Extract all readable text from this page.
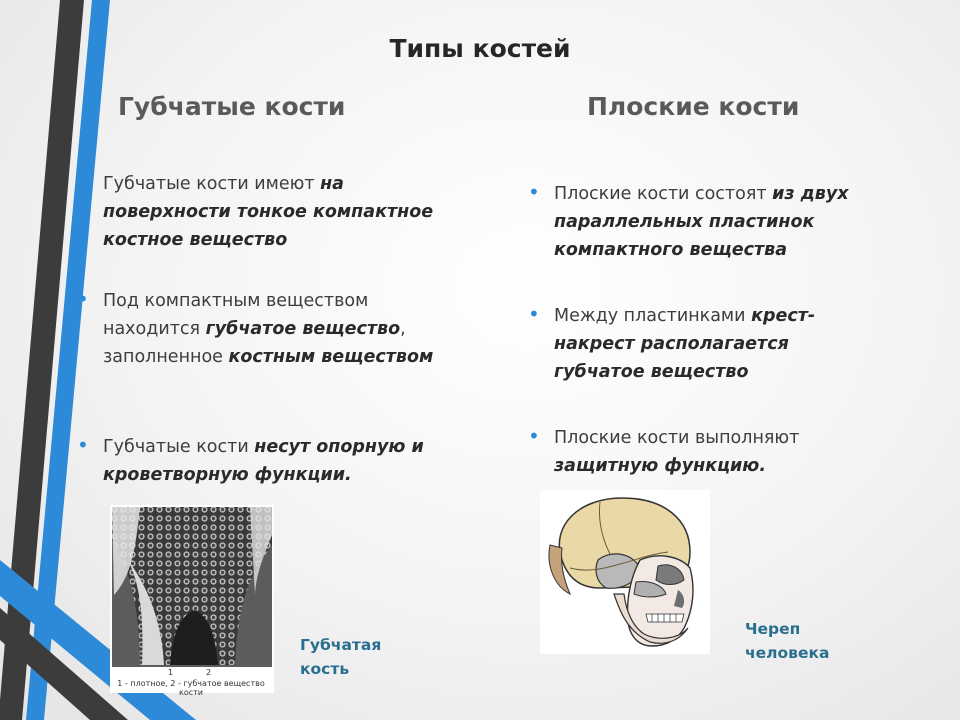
Типы костей
Губчатые кости	Плоские кости
• Губчатые кости имеют на поверхности тонкое компактное костное вещество
• Под компактным веществом находится губчатое вещество, заполненное костным веществом
• Губчатые кости несут опорную и кроветворную функции.
• Плоские кости состоят из двух параллельных пластинок компактного вещества
• Между пластинками крест-накрест располагается губчатое вещество
• Плоские кости выполняют защитную функцию.
1	2
1 - плотное, 2 - губчатое вещество кости
Губчатая
кость
Череп
человека
